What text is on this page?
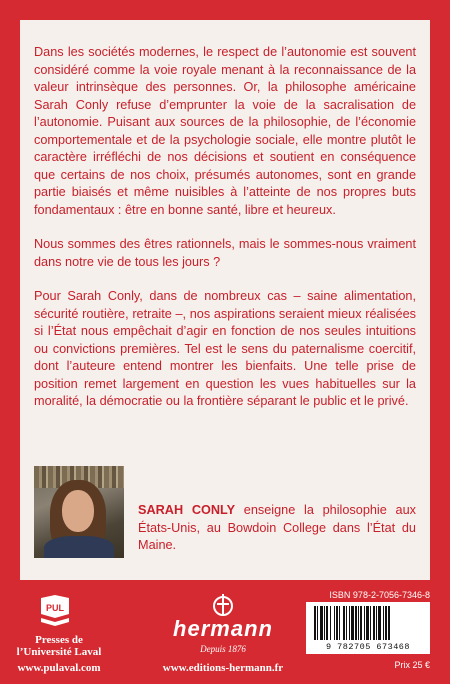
Dans les sociétés modernes, le respect de l’autonomie est souvent considéré comme la voie royale menant à la reconnaissance de la valeur intrinsèque des personnes. Or, la philosophe américaine Sarah Conly refuse d’emprunter la voie de la sacralisation de l’autonomie. Puisant aux sources de la philosophie, de l’économie comportementale et de la psychologie sociale, elle montre plutôt le caractère irréfléchi de nos décisions et soutient en conséquence que certains de nos choix, présumés autonomes, sont en grande partie biaisés et même nuisibles à l’atteinte de nos propres buts fondamentaux : être en bonne santé, libre et heureux.

Nous sommes des êtres rationnels, mais le sommes-nous vraiment dans notre vie de tous les jours ?

Pour Sarah Conly, dans de nombreux cas – saine alimentation, sécurité routière, retraite –, nos aspirations seraient mieux réalisées si l’État nous empêchait d’agir en fonction de nos seules intuitions ou convictions premières. Tel est le sens du paternalisme coercitif, dont l’auteure entend montrer les bienfaits. Une telle prise de position remet largement en question les vues habituelles sur la moralité, la démocratie ou la frontière séparant le public et le privé.

SARAH CONLY enseigne la philosophie aux États-Unis, au Bowdoin College dans l’État du Maine.
PUL
Presses de
l’Université Laval
www.pulaval.com
hermann
Depuis 1876
www.editions-hermann.fr
ISBN 978-2-7056-7346-8
9 782705 673468
Prix 25 €
